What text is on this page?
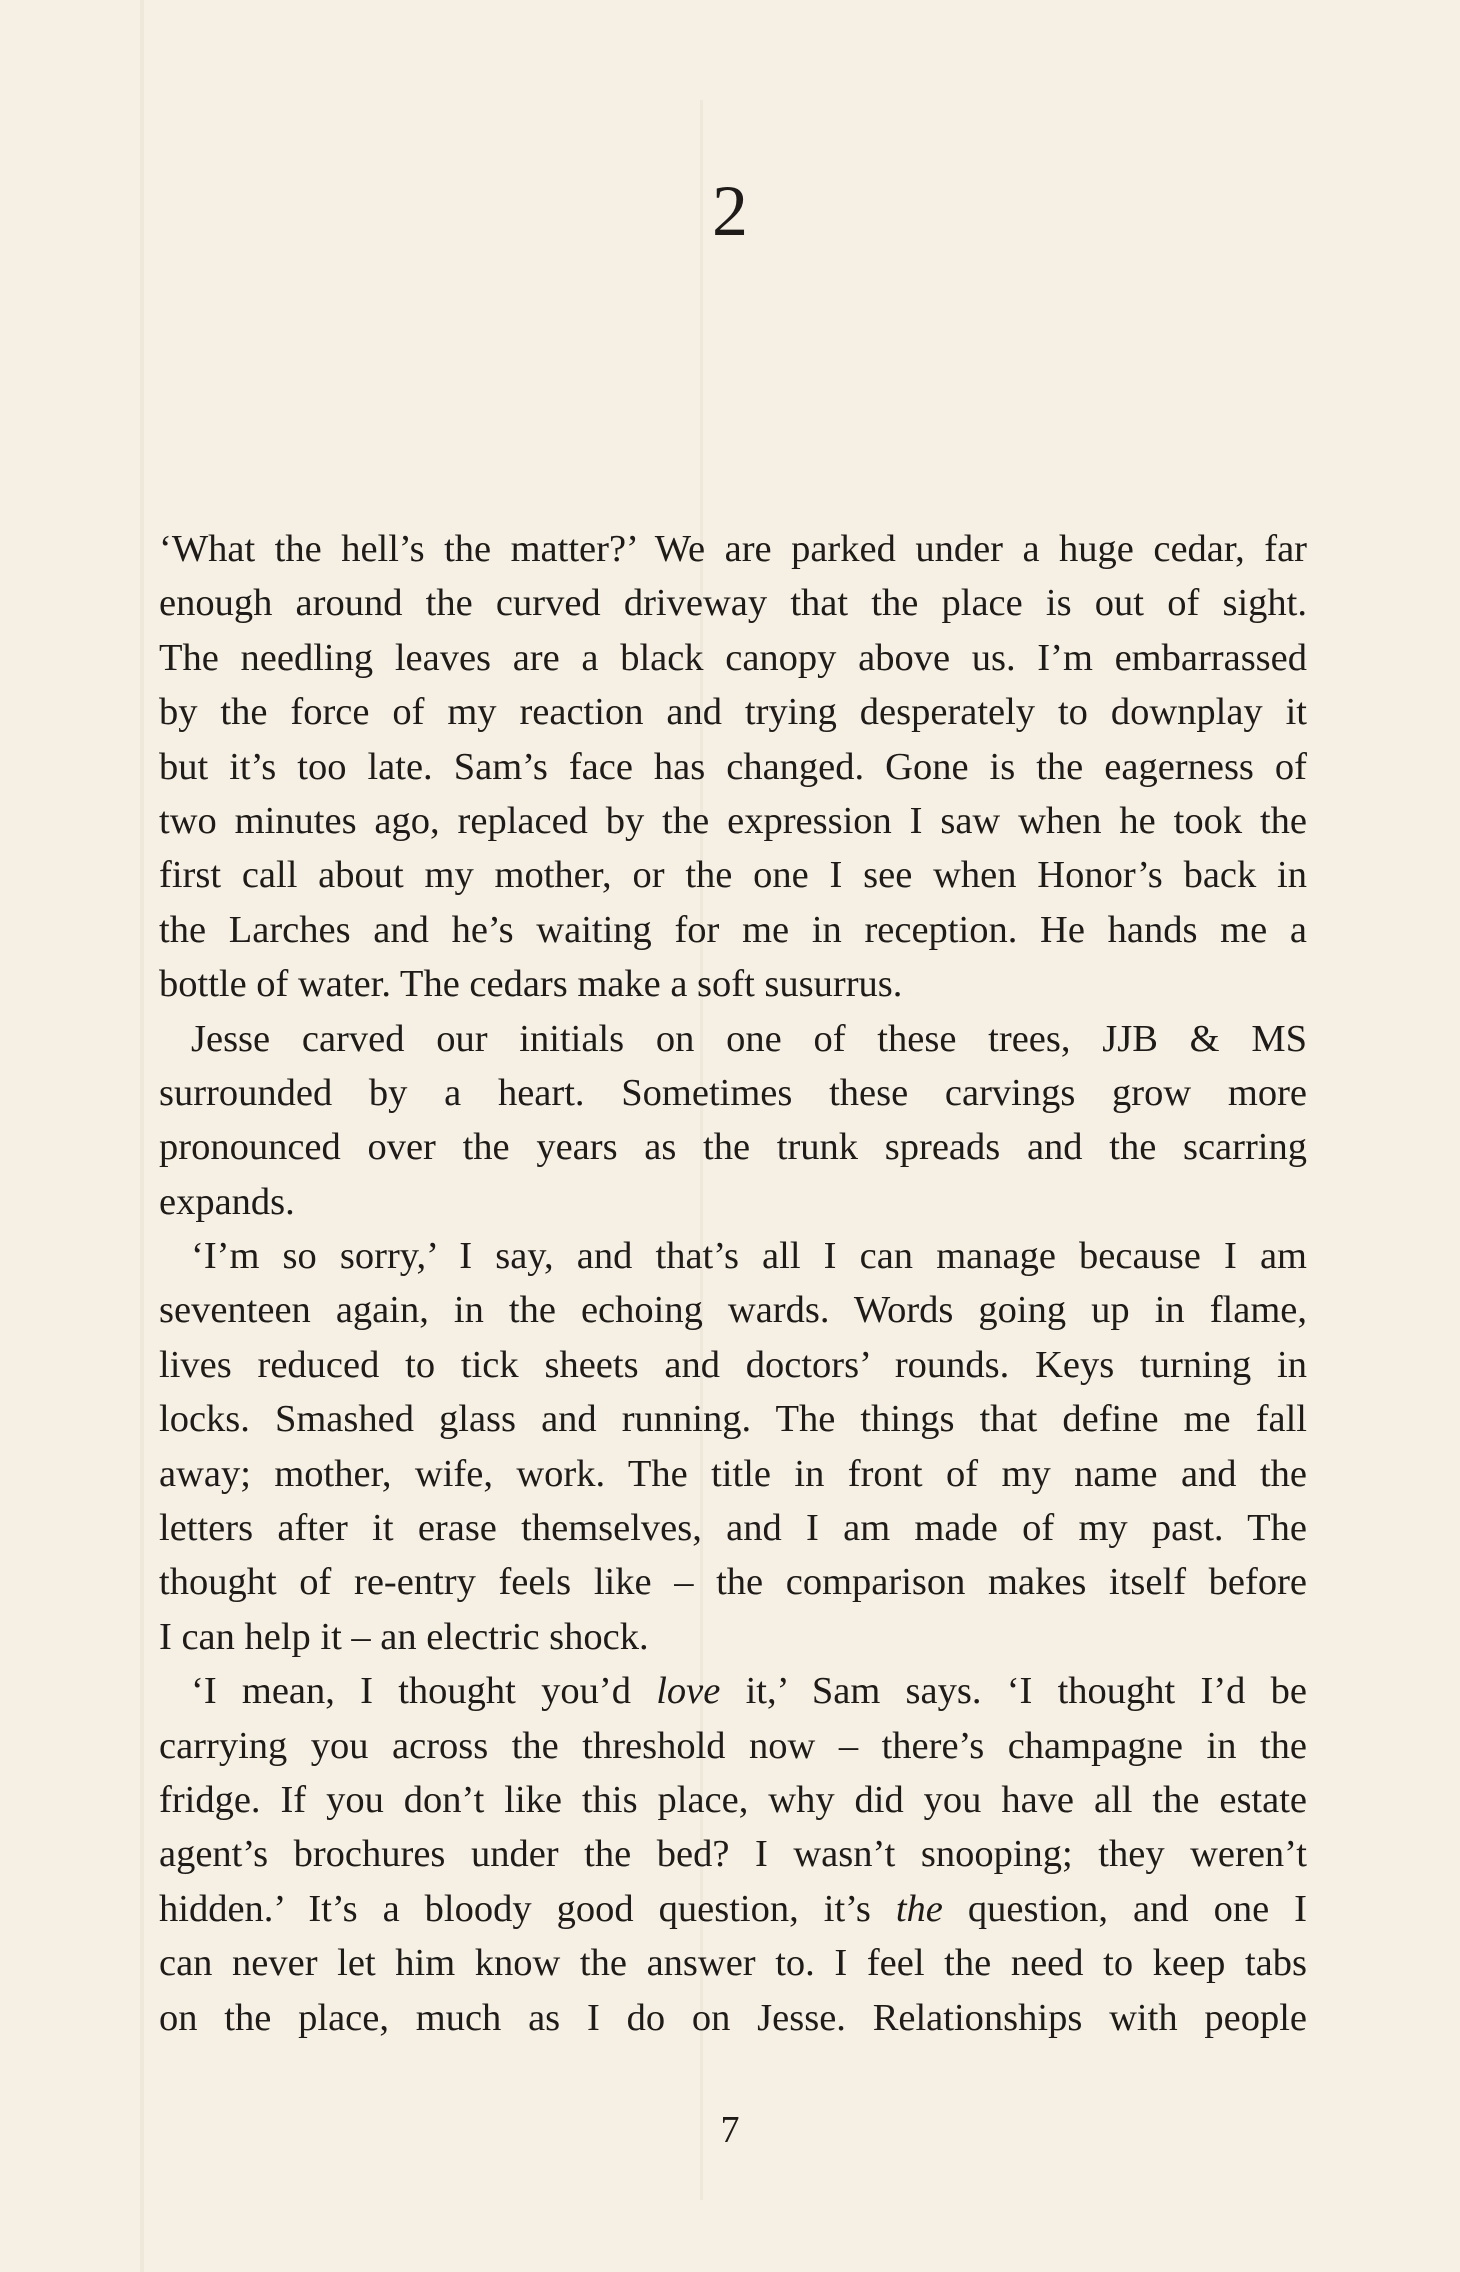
2
‘What the hell’s the matter?’ We are parked under a huge cedar, far
enough around the curved driveway that the place is out of sight.
The needling leaves are a black canopy above us. I’m embarrassed
by the force of my reaction and trying desperately to downplay it
but it’s too late. Sam’s face has changed. Gone is the eagerness of
two minutes ago, replaced by the expression I saw when he took the
first call about my mother, or the one I see when Honor’s back in
the Larches and he’s waiting for me in reception. He hands me a
bottle of water. The cedars make a soft susurrus.
Jesse carved our initials on one of these trees, JJB & MS
surrounded by a heart. Sometimes these carvings grow more
pronounced over the years as the trunk spreads and the scarring
expands.
‘I’m so sorry,’ I say, and that’s all I can manage because I am
seventeen again, in the echoing wards. Words going up in flame,
lives reduced to tick sheets and doctors’ rounds. Keys turning in
locks. Smashed glass and running. The things that define me fall
away; mother, wife, work. The title in front of my name and the
letters after it erase themselves, and I am made of my past. The
thought of re-entry feels like – the comparison makes itself before
I can help it – an electric shock.
‘I mean, I thought you’d love it,’ Sam says. ‘I thought I’d be
carrying you across the threshold now – there’s champagne in the
fridge. If you don’t like this place, why did you have all the estate
agent’s brochures under the bed? I wasn’t snooping; they weren’t
hidden.’ It’s a bloody good question, it’s the question, and one I
can never let him know the answer to. I feel the need to keep tabs
on the place, much as I do on Jesse. Relationships with people
7
